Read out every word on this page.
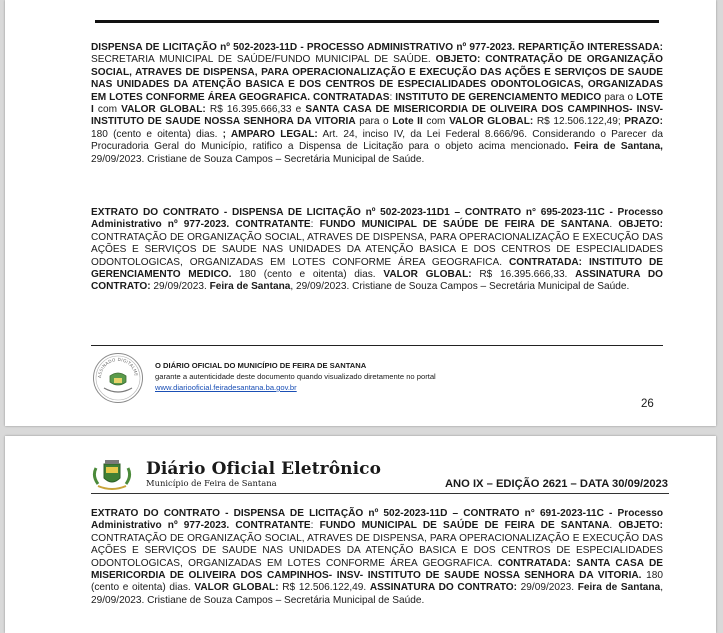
DISPENSA DE LICITAÇÃO nº 502-2023-11D - PROCESSO ADMINISTRATIVO nº 977-2023. REPARTIÇÃO INTERESSADA: SECRETARIA MUNICIPAL DE SAÚDE/FUNDO MUNICIPAL DE SAÚDE. OBJETO: CONTRATAÇÃO DE ORGANIZAÇÃO SOCIAL, ATRAVES DE DISPENSA, PARA OPERACIONALIZAÇÃO E EXECUÇÃO DAS AÇÕES E SERVIÇOS DE SAUDE NAS UNIDADES DA ATENÇÃO BASICA E DOS CENTROS DE ESPECIALIDADES ODONTOLOGICAS, ORGANIZADAS EM LOTES CONFORME ÁREA GEOGRAFICA. CONTRATADAS: INSTITUTO DE GERENCIAMENTO MEDICO para o LOTE I com VALOR GLOBAL: R$ 16.395.666,33 e SANTA CASA DE MISERICORDIA DE OLIVEIRA DOS CAMPINHOS- INSV- INSTITUTO DE SAUDE NOSSA SENHORA DA VITORIA para o Lote II com VALOR GLOBAL: R$ 12.506.122,49; PRAZO: 180 (cento e oitenta) dias. ; AMPARO LEGAL: Art. 24, inciso IV, da Lei Federal 8.666/96. Considerando o Parecer da Procuradoria Geral do Município, ratifico a Dispensa de Licitação para o objeto acima mencionado. Feira de Santana, 29/09/2023. Cristiane de Souza Campos – Secretária Municipal de Saúde.

EXTRATO DO CONTRATO - DISPENSA DE LICITAÇÃO nº 502-2023-11D1 – CONTRATO n° 695-2023-11C - Processo Administrativo nº 977-2023. CONTRATANTE: FUNDO MUNICIPAL DE SAÚDE DE FEIRA DE SANTANA. OBJETO: CONTRATAÇÃO DE ORGANIZAÇÃO SOCIAL, ATRAVES DE DISPENSA, PARA OPERACIONALIZAÇÃO E EXECUÇÃO DAS AÇÕES E SERVIÇOS DE SAUDE NAS UNIDADES DA ATENÇÃO BASICA E DOS CENTROS DE ESPECIALIDADES ODONTOLOGICAS, ORGANIZADAS EM LOTES CONFORME ÁREA GEOGRAFICA. CONTRATADA: INSTITUTO DE GERENCIAMENTO MEDICO. 180 (cento e oitenta) dias. VALOR GLOBAL: R$ 16.395.666,33. ASSINATURA DO CONTRATO: 29/09/2023. Feira de Santana, 29/09/2023. Cristiane de Souza Campos – Secretária Municipal de Saúde.

ASSINADO DIGITALME
O DIÁRIO OFICIAL DO MUNICÍPIO DE FEIRA DE SANTANA
garante a autenticidade deste documento quando visualizado diretamente no portal
www.diariooficial.feiradesantana.ba.gov.br
26
Diário Oficial Eletrônico
Município de Feira de Santana	ANO IX – EDIÇÃO 2621 – DATA 30/09/2023

EXTRATO DO CONTRATO - DISPENSA DE LICITAÇÃO nº 502-2023-11D – CONTRATO n° 691-2023-11C - Processo Administrativo nº 977-2023. CONTRATANTE: FUNDO MUNICIPAL DE SAÚDE DE FEIRA DE SANTANA. OBJETO: CONTRATAÇÃO DE ORGANIZAÇÃO SOCIAL, ATRAVES DE DISPENSA, PARA OPERACIONALIZAÇÃO E EXECUÇÃO DAS AÇÕES E SERVIÇOS DE SAUDE NAS UNIDADES DA ATENÇÃO BASICA E DOS CENTROS DE ESPECIALIDADES ODONTOLOGICAS, ORGANIZADAS EM LOTES CONFORME ÁREA GEOGRAFICA. CONTRATADA: SANTA CASA DE MISERICORDIA DE OLIVEIRA DOS CAMPINHOS- INSV- INSTITUTO DE SAUDE NOSSA SENHORA DA VITORIA. 180 (cento e oitenta) dias. VALOR GLOBAL: R$ 12.506.122,49. ASSINATURA DO CONTRATO: 29/09/2023. Feira de Santana, 29/09/2023. Cristiane de Souza Campos – Secretária Municipal de Saúde.
